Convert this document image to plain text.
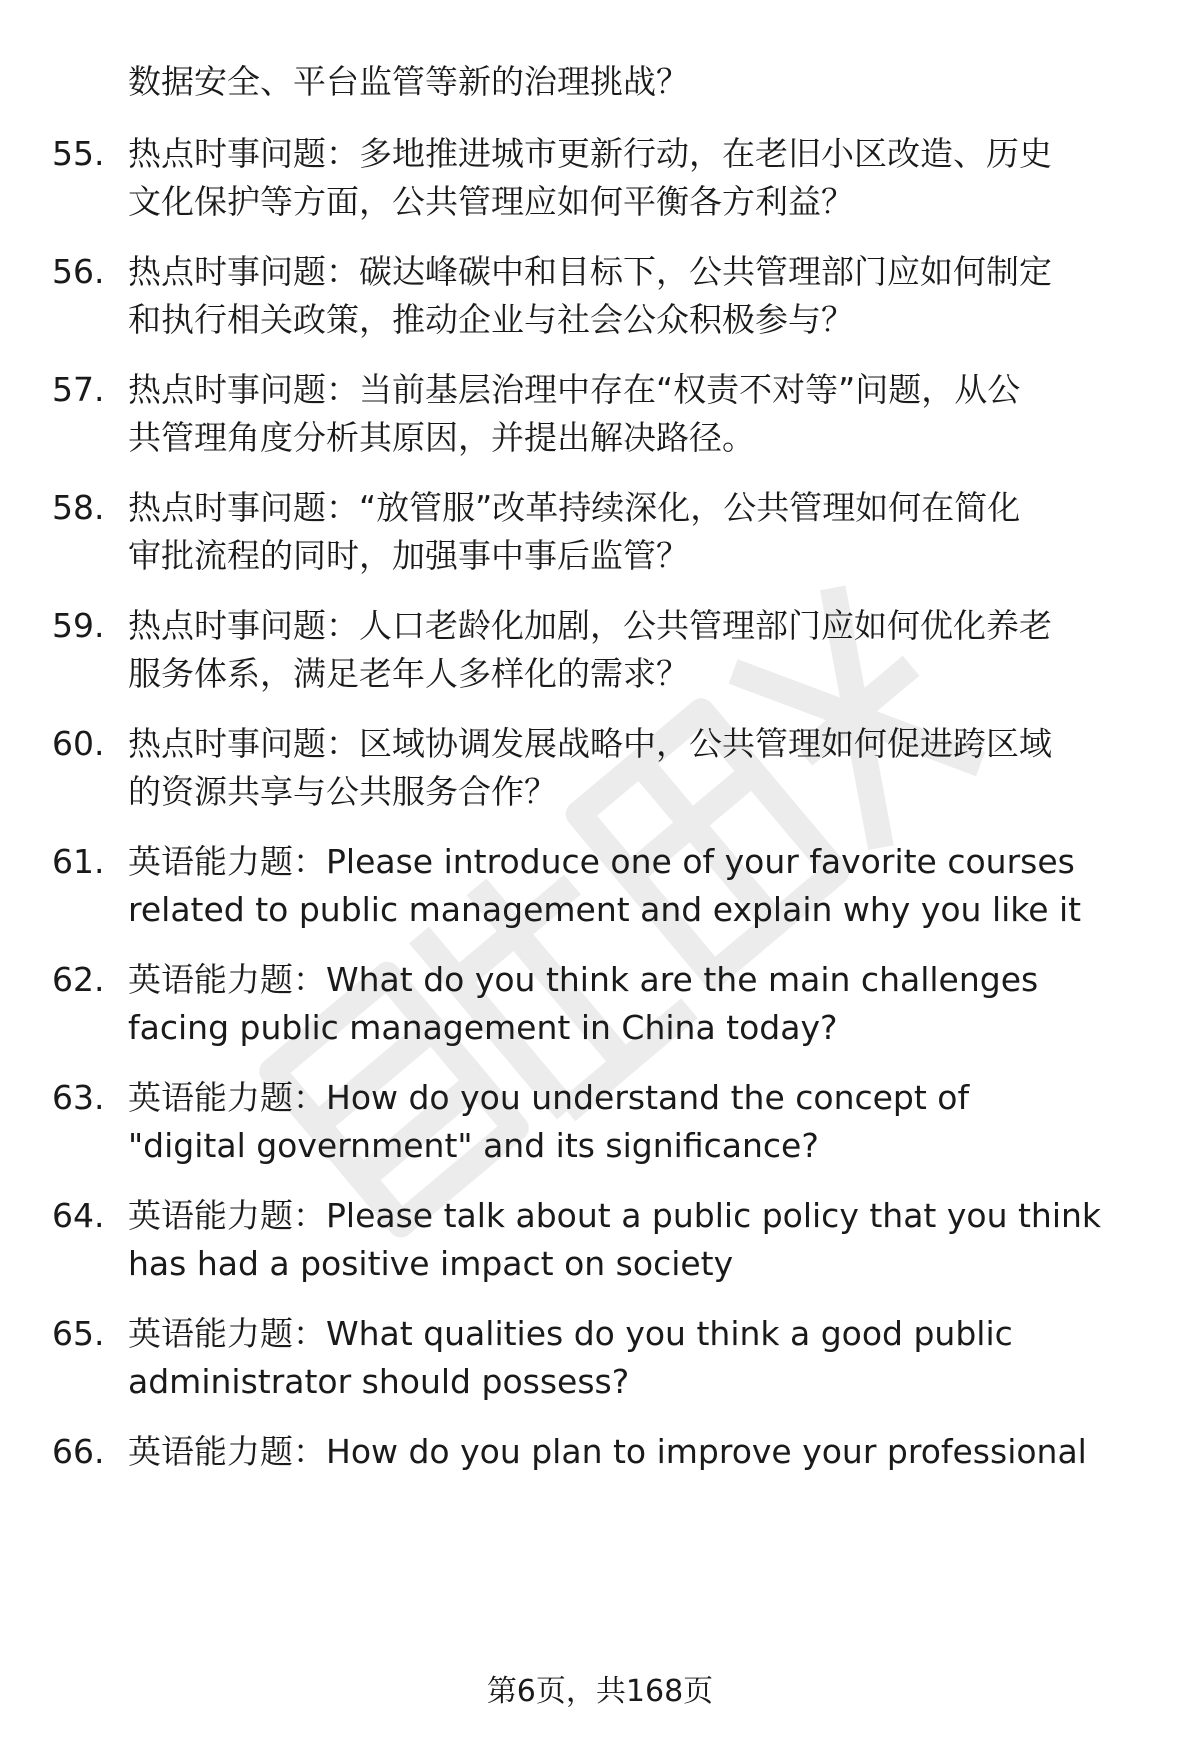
数据安全、平台监管等新的治理挑战？
55. 热点时事问题：多地推进城市更新行动，在老旧小区改造、历史
文化保护等方面，公共管理应如何平衡各方利益？
56. 热点时事问题：碳达峰碳中和目标下，公共管理部门应如何制定
和执行相关政策，推动企业与社会公众积极参与？
57. 热点时事问题：当前基层治理中存在“权责不对等”问题，从公
共管理角度分析其原因，并提出解决路径。
58. 热点时事问题：“放管服”改革持续深化，公共管理如何在简化
审批流程的同时，加强事中事后监管？
59. 热点时事问题：人口老龄化加剧，公共管理部门应如何优化养老
服务体系，满足老年人多样化的需求？
60. 热点时事问题：区域协调发展战略中，公共管理如何促进跨区域
的资源共享与公共服务合作？
61. 英语能力题：Please introduce one of your favorite courses
related to public management and explain why you like it
62. 英语能力题：What do you think are the main challenges
facing public management in China today?
63. 英语能力题：How do you understand the concept of
"digital government" and its significance?
64. 英语能力题：Please talk about a public policy that you think
has had a positive impact on society
65. 英语能力题：What qualities do you think a good public
administrator should possess?
66. 英语能力题：How do you plan to improve your professional
第6页，共168页
